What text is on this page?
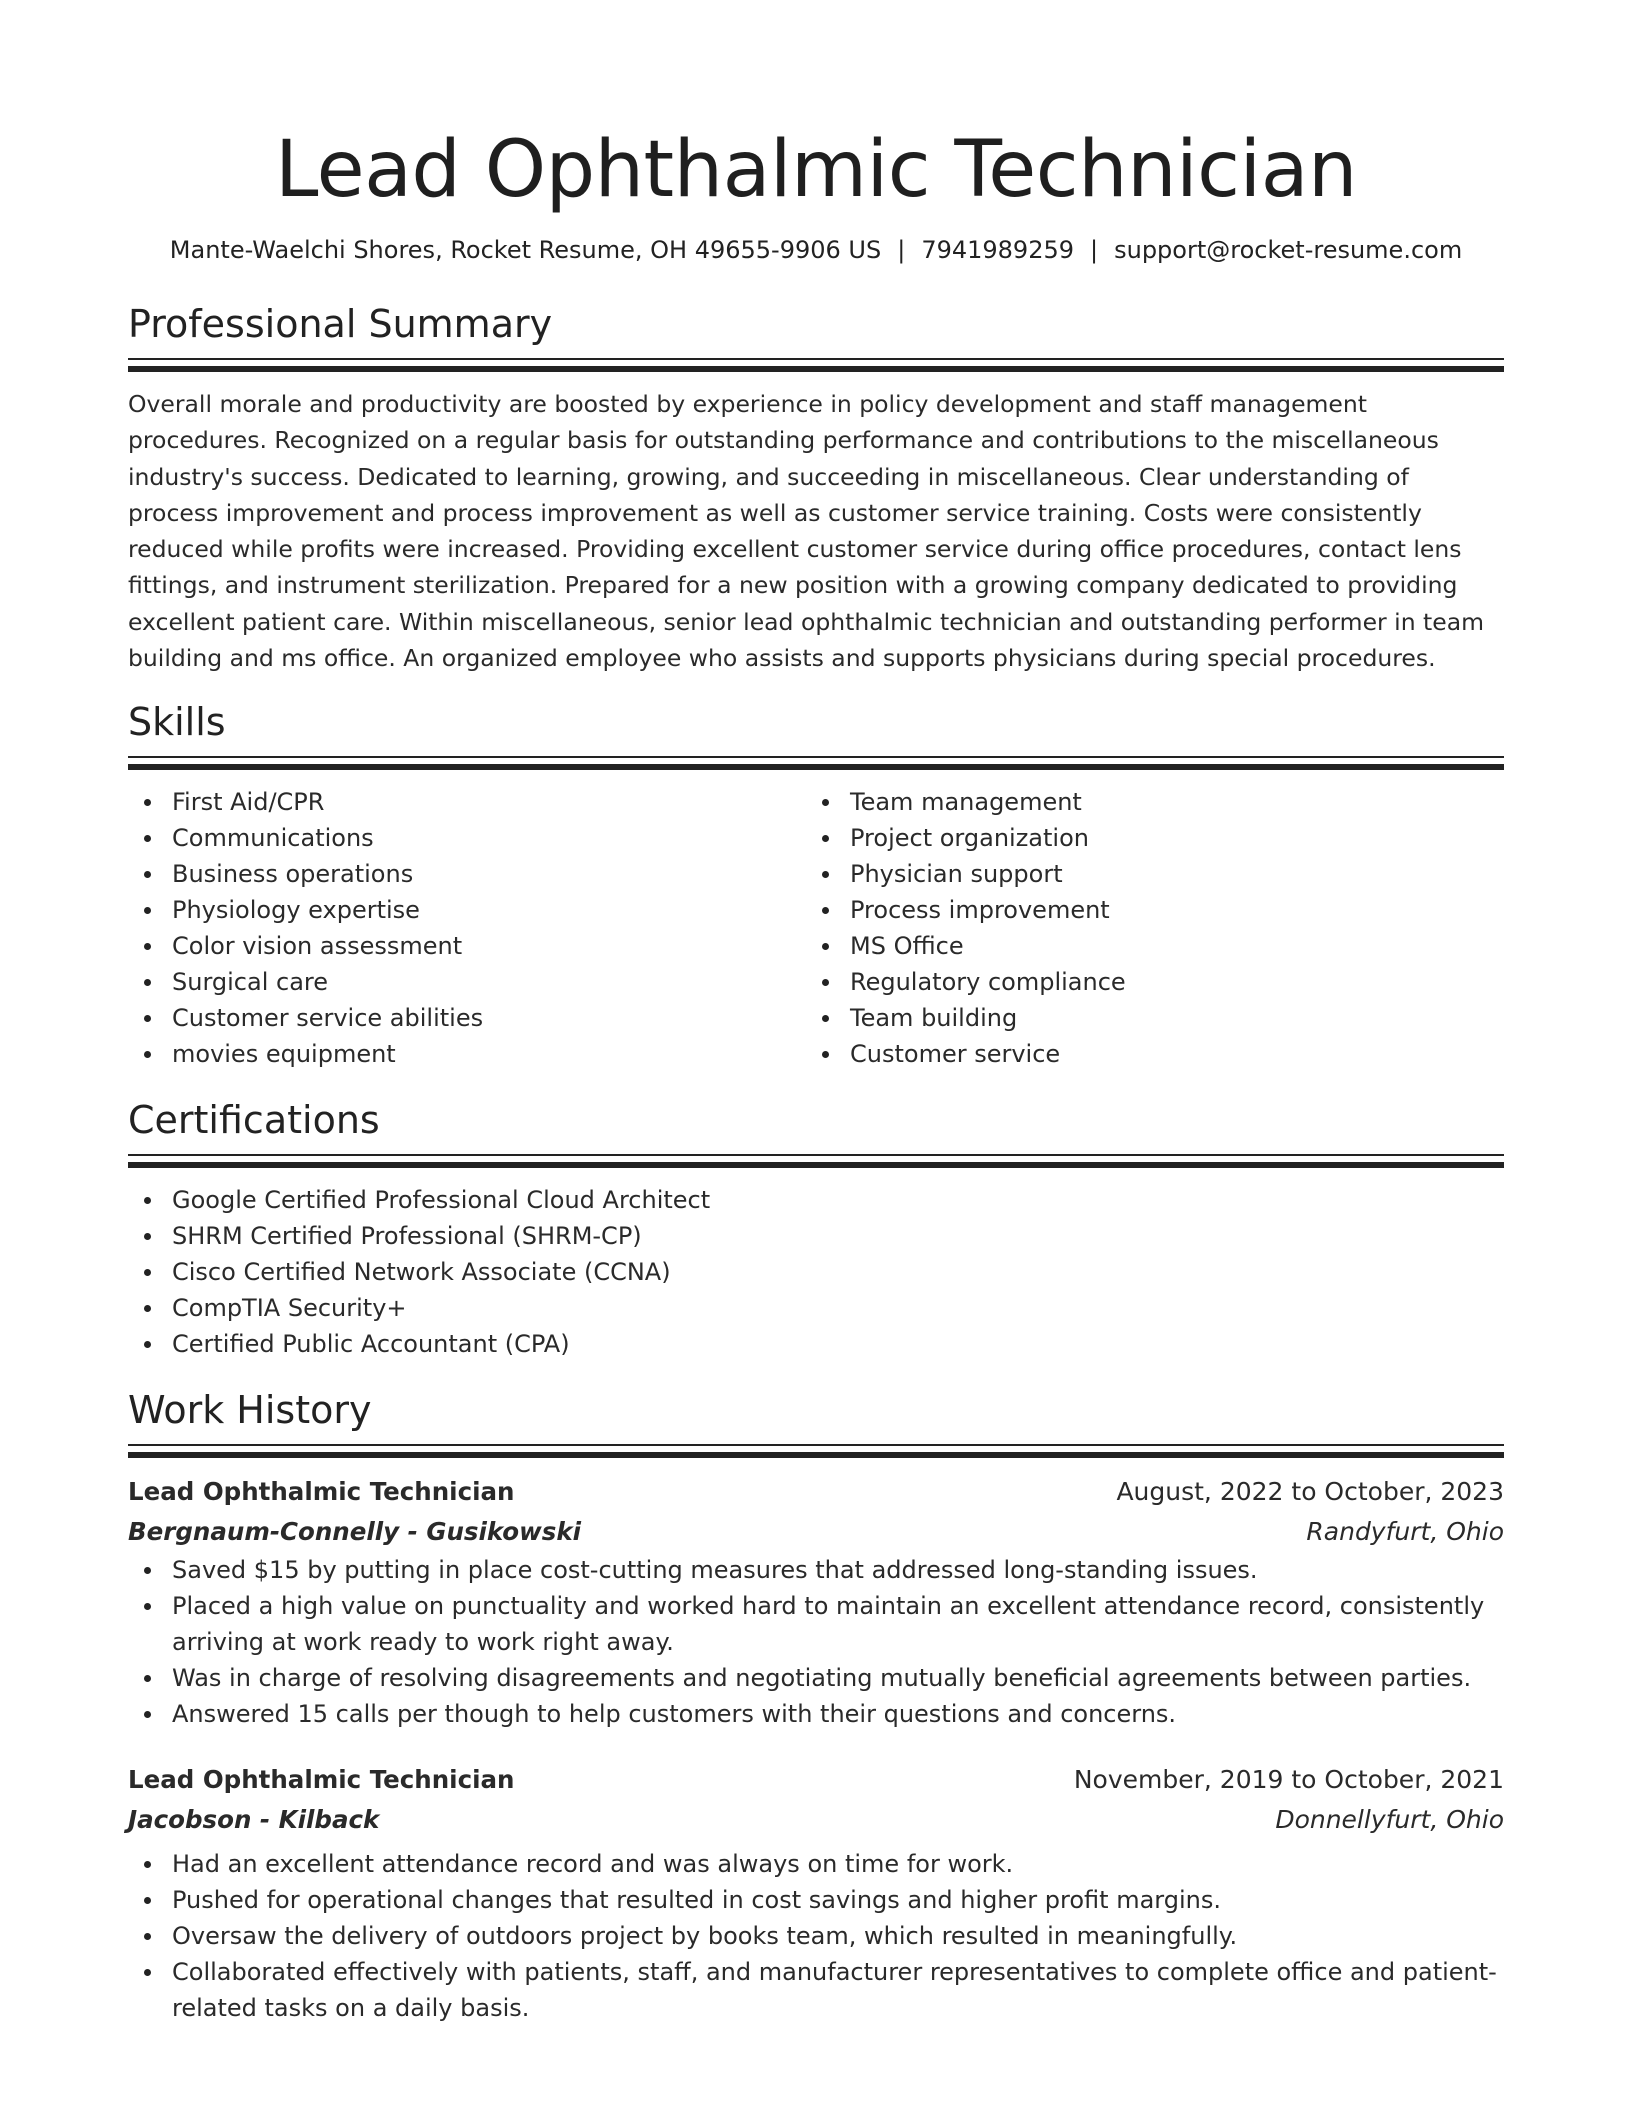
Lead Ophthalmic Technician
Mante-Waelchi Shores, Rocket Resume, OH 49655-9906 US | 7941989259 | support@rocket-resume.com
Professional Summary

Overall morale and productivity are boosted by experience in policy development and staff management procedures. Recognized on a regular basis for outstanding performance and contributions to the miscellaneous industry's success. Dedicated to learning, growing, and succeeding in miscellaneous. Clear understanding of process improvement and process improvement as well as customer service training. Costs were consistently reduced while profits were increased. Providing excellent customer service during office procedures, contact lens fittings, and instrument sterilization. Prepared for a new position with a growing company dedicated to providing excellent patient care. Within miscellaneous, senior lead ophthalmic technician and outstanding performer in team building and ms office. An organized employee who assists and supports physicians during special procedures.

Skills
First Aid/CPR
Communications
Business operations
Physiology expertise
Color vision assessment
Surgical care
Customer service abilities
movies equipment
Team management
Project organization
Physician support
Process improvement
MS Office
Regulatory compliance
Team building
Customer service
Certifications
Google Certified Professional Cloud Architect
SHRM Certified Professional (SHRM-CP)
Cisco Certified Network Associate (CCNA)
CompTIA Security+
Certified Public Accountant (CPA)
Work History
Lead Ophthalmic Technician	August, 2022 to October, 2023
Bergnaum-Connelly - Gusikowski	Randyfurt, Ohio
Saved $15 by putting in place cost-cutting measures that addressed long-standing issues.
Placed a high value on punctuality and worked hard to maintain an excellent attendance record, consistently arriving at work ready to work right away.
Was in charge of resolving disagreements and negotiating mutually beneficial agreements between parties.
Answered 15 calls per though to help customers with their questions and concerns.
Lead Ophthalmic Technician	November, 2019 to October, 2021
Jacobson - Kilback	Donnellyfurt, Ohio
Had an excellent attendance record and was always on time for work.
Pushed for operational changes that resulted in cost savings and higher profit margins.
Oversaw the delivery of outdoors project by books team, which resulted in meaningfully.
Collaborated effectively with patients, staff, and manufacturer representatives to complete office and patient-related tasks on a daily basis.
